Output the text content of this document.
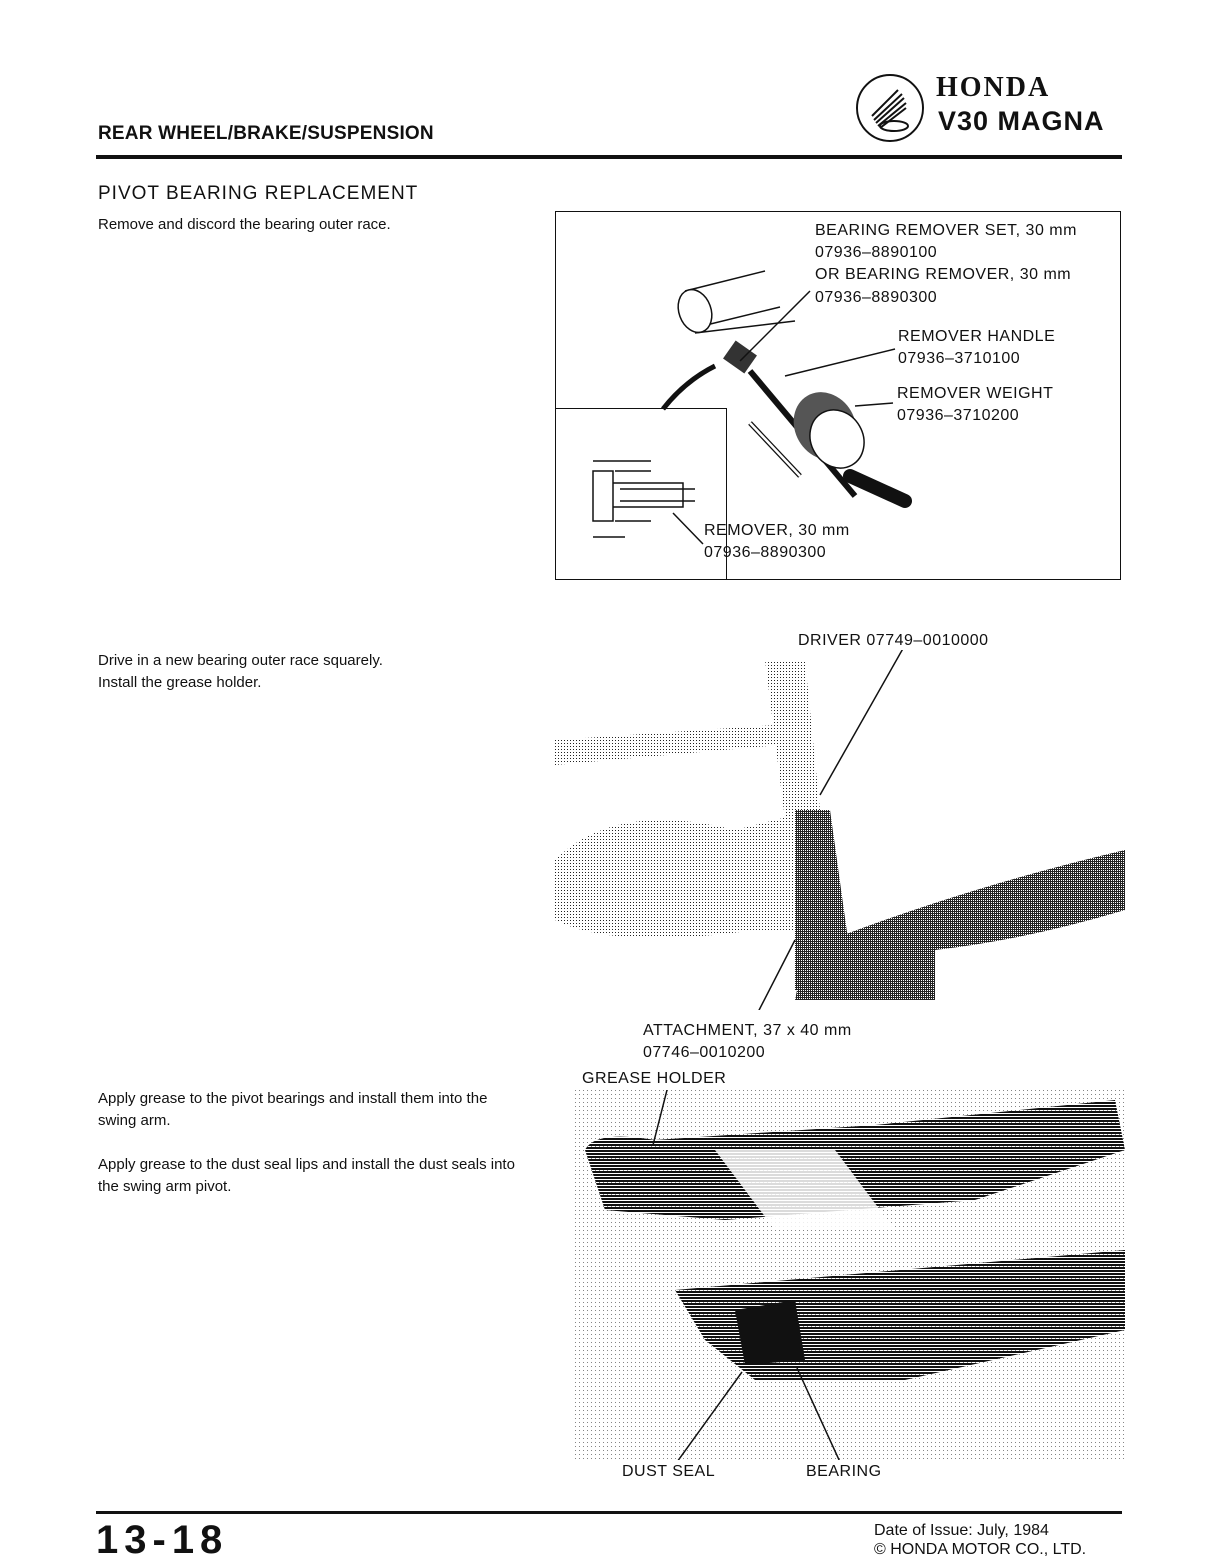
REAR WHEEL/BRAKE/SUSPENSION
HONDA
V30 MAGNA
PIVOT BEARING REPLACEMENT
Remove and discord the bearing outer race.
Drive in a new bearing outer race squarely.
Install the grease holder.
Apply grease to the pivot bearings and install them into the swing arm.
Apply grease to the dust seal lips and install the dust seals into the swing arm pivot.
BEARING REMOVER SET, 30 mm
07936–8890100
OR BEARING REMOVER, 30 mm
07936–8890300
REMOVER HANDLE
07936–3710100
REMOVER WEIGHT
07936–3710200
REMOVER, 30 mm
07936–8890300
DRIVER 07749–0010000
ATTACHMENT, 37 x 40 mm
07746–0010200
GREASE HOLDER
DUST SEAL	BEARING
13-18	Date of Issue: July, 1984
© HONDA MOTOR CO., LTD.
